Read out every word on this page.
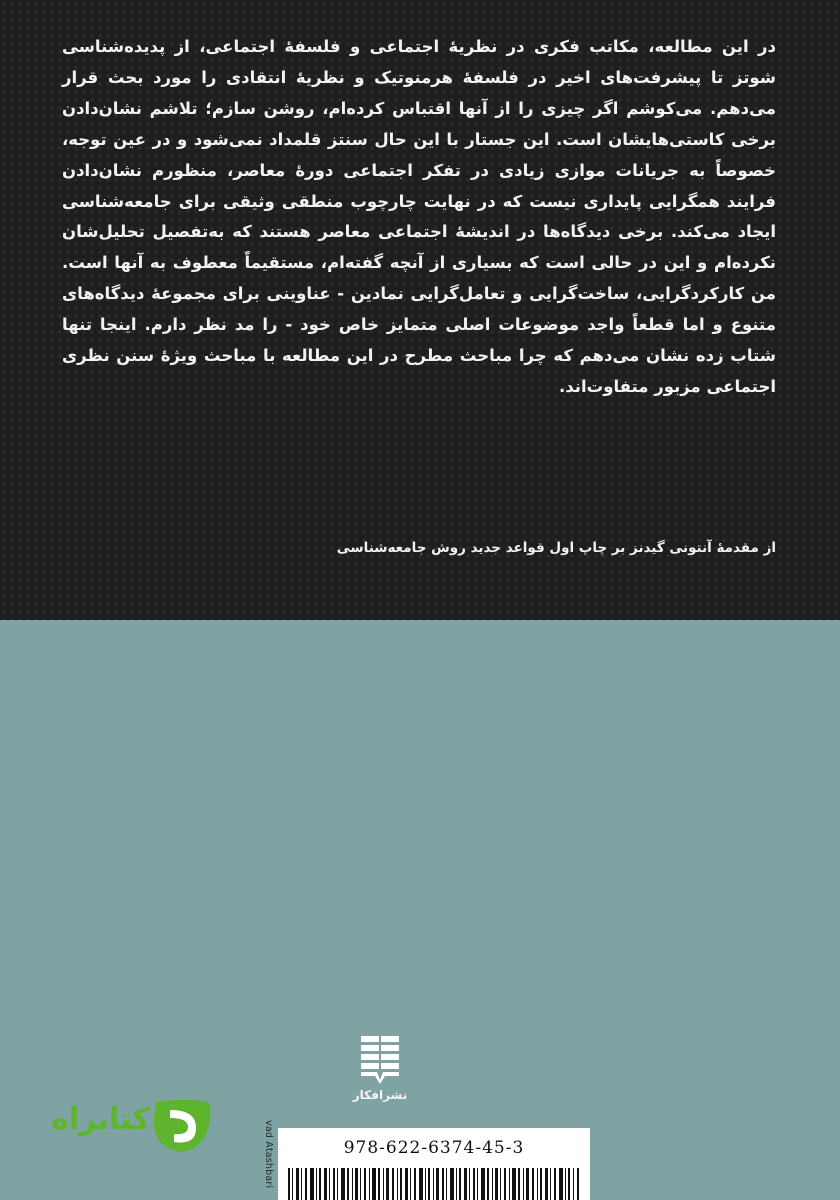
در این مطالعه، مکاتب فکری در نظریهٔ اجتماعی و فلسفهٔ اجتماعی، از پدیده‌شناسی شوتز تا پیشرفت‌های اخیر در فلسفهٔ هرمنوتیک و نظریهٔ انتقادی را مورد بحث قرار می‌دهم. می‌کوشم اگر چیزی را از آنها اقتباس کرده‌ام، روشن سازم؛ تلاشم نشان‌دادن برخی کاستی‌هایشان است. این جستار با این حال سنتز قلمداد نمی‌شود و در عین توجه، خصوصاً به جریانات موازی زیادی در تفکر اجتماعی دورهٔ معاصر، منظورم نشان‌دادن فرایند همگرایی پایداری نیست که در نهایت چارچوب منطقی وثیقی برای جامعه‌شناسی ایجاد می‌کند. برخی دیدگاه‌ها در اندیشهٔ اجتماعی معاصر هستند که به‌تفصیل تحلیل‌شان نکرده‌ام و این در حالی است که بسیاری از آنچه گفته‌ام، مستقیماً معطوف به آنها است. من کارکردگرایی، ساخت‌گرایی و تعامل‌گرایی نمادین - عناوینی برای مجموعهٔ دیدگاه‌های متنوع و اما قطعاً واجد موضوعات اصلی متمایز خاص خود - را مد نظر دارم. اینجا تنها شتاب زده نشان می‌دهم که چرا مباحث مطرح در این مطالعه با مباحث ویژهٔ سنن نظری اجتماعی مزبور متفاوت‌اند.

از مقدمهٔ آنتونی گیدنز بر چاپ اول قواعد جدید روش جامعه‌شناسی

نشرافکار
کتابراه
vad Atashbari	978-622-6374-45-3
